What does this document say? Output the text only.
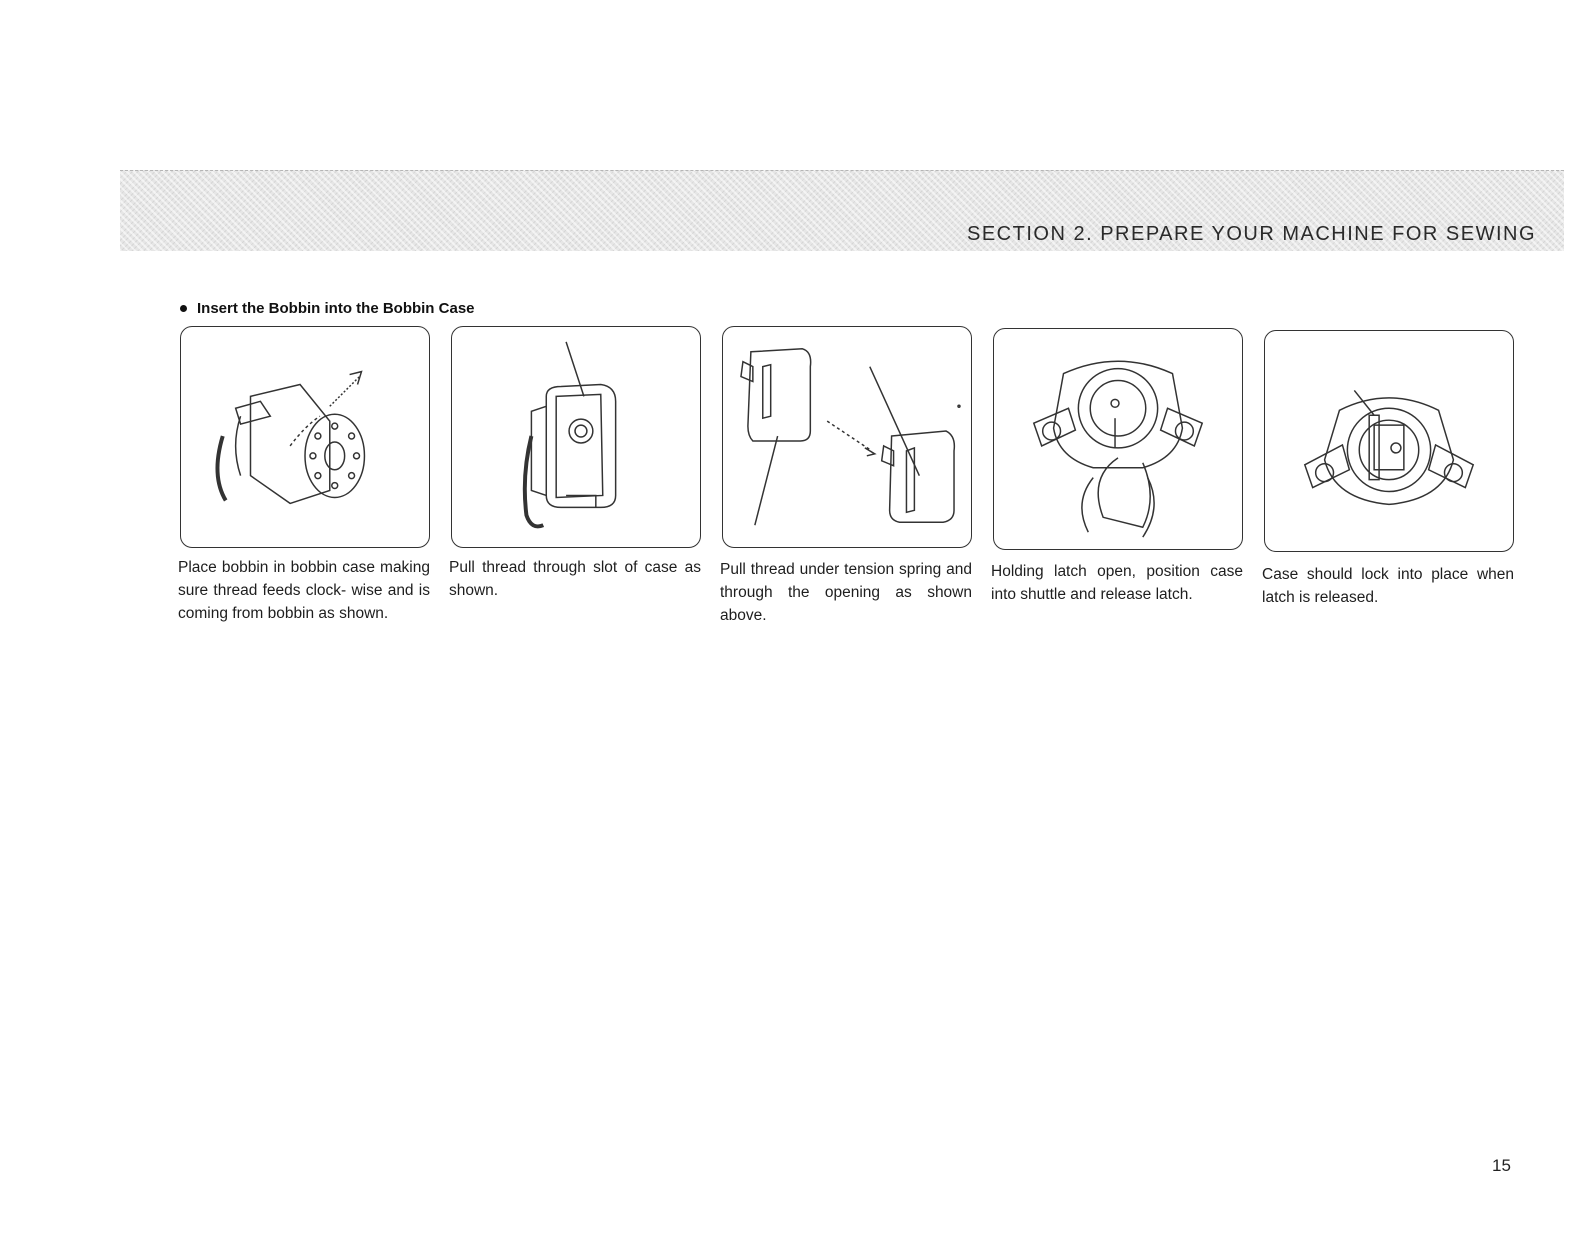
SECTION 2. PREPARE YOUR MACHINE FOR SEWING
Insert the Bobbin into the Bobbin Case
Place bobbin in bobbin case making sure thread feeds clock- wise and is coming from bobbin as shown.
Pull thread through slot of case as shown.
Pull thread under tension spring and through the opening as shown above.
Holding latch open, position case into shuttle and release latch.
Case should lock into place when latch is released.
15
